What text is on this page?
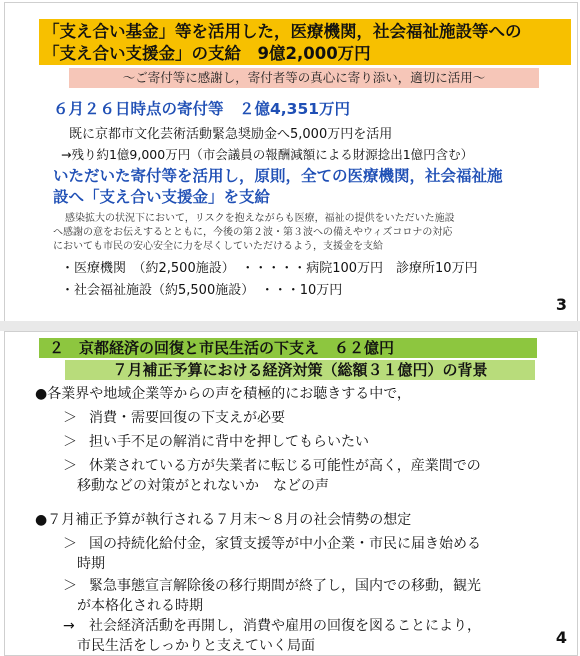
「支え合い基金」等を活用した，医療機関，社会福祉施設等への
「支え合い支援金」の支給　9億2,000万円
～ご寄付等に感謝し，寄付者等の真心に寄り添い，適切に活用～
６月２６日時点の寄付等　２億4,351万円
既に京都市文化芸術活動緊急奨励金へ5,000万円を活用
→残り約1億9,000万円（市会議員の報酬減額による財源捻出1億円含む）
いただいた寄付等を活用し，原則，全ての医療機関，社会福祉施
設へ「支え合い支援金」を支給
感染拡大の状況下において，リスクを抱えながらも医療，福祉の提供をいただいた施設
へ感謝の意をお伝えするとともに，今後の第２波・第３波への備えやウィズコロナの対応
においても市民の安心安全に力を尽くしていただけるよう，支援金を支給
・医療機関　（約2,500施設）　・・・・・病院100万円　診療所10万円
・社会福祉施設（約5,500施設）　・・・10万円
3
２　京都経済の回復と市民生活の下支え　６２億円
７月補正予算における経済対策（総額３１億円）の背景
●各業界や地域企業等からの声を積極的にお聴きする中で，
＞ 消費・需要回復の下支えが必要
＞ 担い手不足の解消に背中を押してもらいたい
＞ 休業されている方が失業者に転じる可能性が高く，産業間での
移動などの対策がとれないか　などの声
●７月補正予算が執行される７月末～８月の社会情勢の想定
＞ 国の持続化給付金，家賃支援等が中小企業・市民に届き始める
時期
＞ 緊急事態宣言解除後の移行期間が終了し，国内での移動，観光
が本格化される時期
→ 社会経済活動を再開し，消費や雇用の回復を図ることにより，
市民生活をしっかりと支えていく局面	4
